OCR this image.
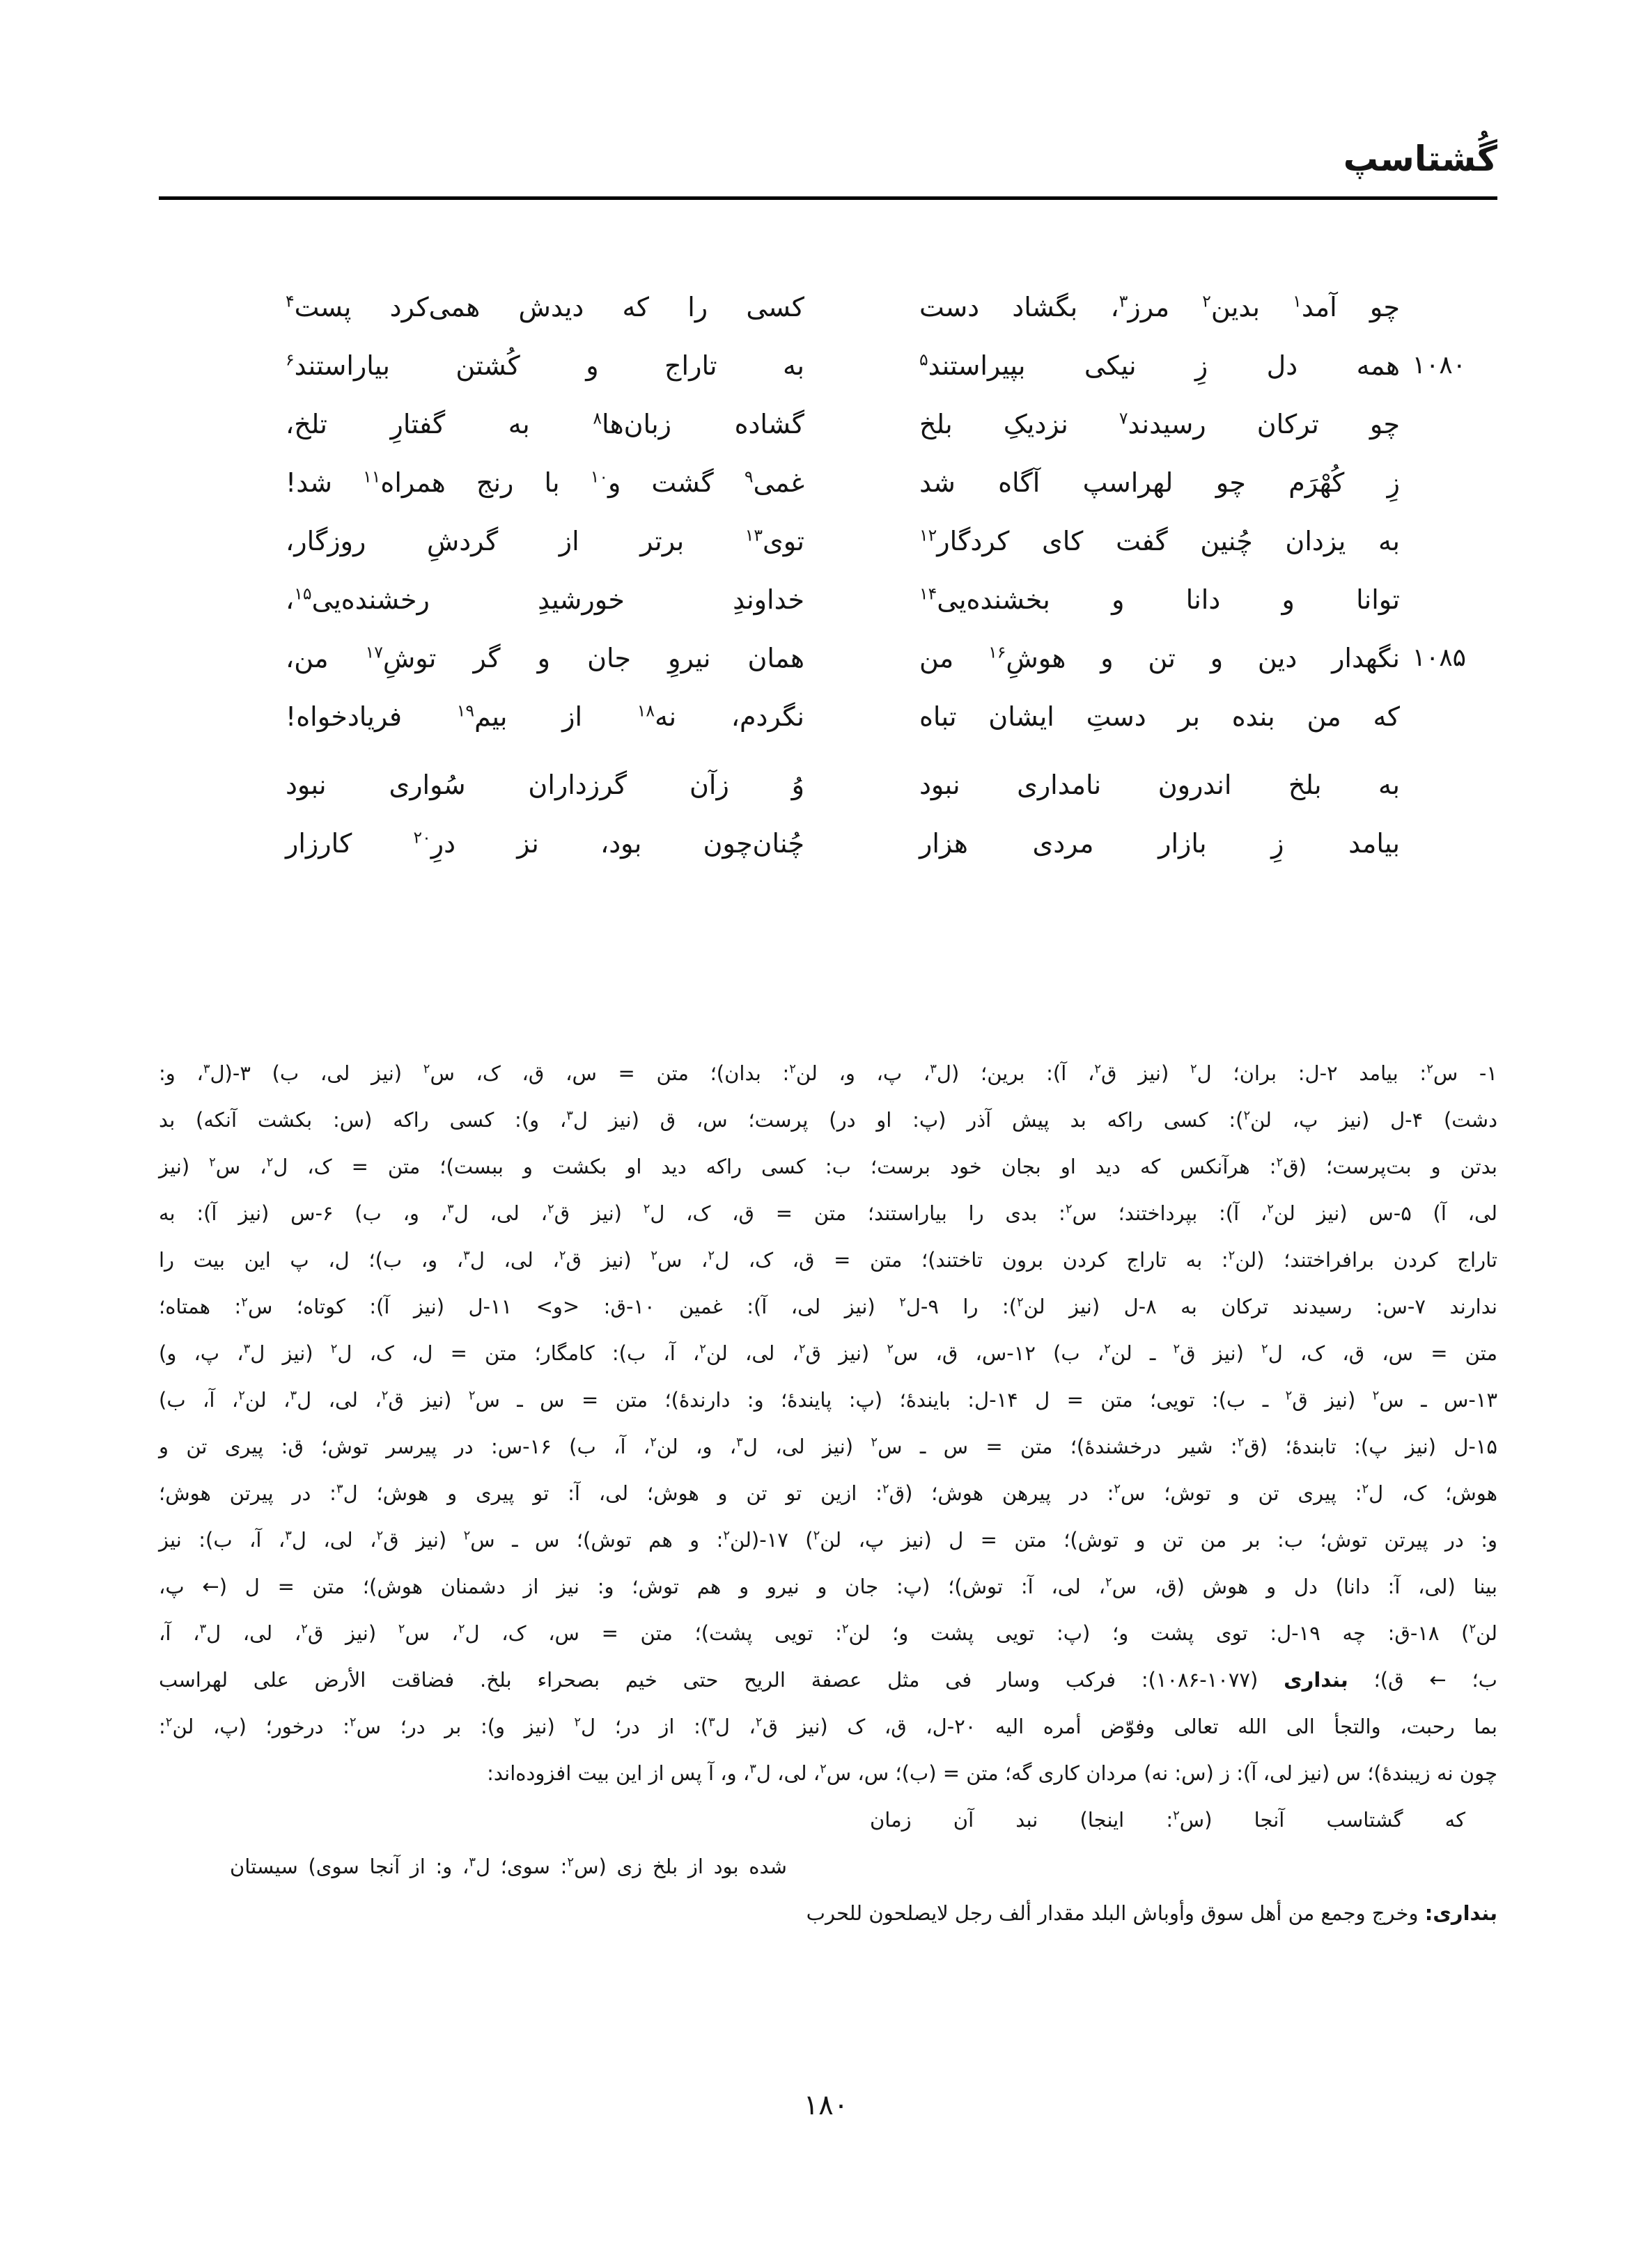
گُشتاسپ
چو آمد$^۱$ بدین$^۲$ مرز$^۳$، بگشاد دست
کسی را که دیدش همی‌کرد پست$^۴$
۱۰۸۰
همه دل زِ نیکی بپیراستند$^۵$
به تاراج و کُشتن بیاراستند$^۶$
چو ترکان رسیدند$^۷$ نزدیکِ بلخ
گشاده زبان‌ها$^۸$ به گفتارِ تلخ،
زِ کُهْرَم چو لهراسپ آگاه شد
غمی$^۹$ گشت و$^{۱۰}$ با رنج همراه$^{۱۱}$ شد!
به یزدان چُنین گفت کای کردگار$^{۱۲}$
توی$^{۱۳}$ برتر از گردشِ روزگار،
توانا و دانا و بخشنده‌یی$^{۱۴}$
خداوندِ خورشیدِ رخشنده‌یی$^{۱۵}$،
۱۰۸۵
نگهدار دین و تن و هوشِ$^{۱۶}$ من
همان نیروِ جان و گر توشِ$^{۱۷}$ من،
که من بنده بر دستِ ایشان تباه
نگردم، نه$^{۱۸}$ از بیم$^{۱۹}$ فریادخواه!
به بلخ اندرون نامداری نبود
وُ زآن گرزداران سُواری نبود
بیامد زِ بازار مردی هزار
چُنان‌چون بود، نز درِ$^{۲۰}$ کارزار
۱- س$^۲$: بیامد ۲-ل: بران؛ ل$^۲$ (نیز ق$^۲$، آ): برین؛ (ل$^۳$، پ، و، لن$^۲$: بدان)؛ متن = س، ق، ک، س$^۲$ (نیز لی، ب) ۳-(ل$^۳$، و:
دشت) ۴-ل (نیز پ، لن$^۲$): کسی راکه بد پیش آذر (پ: او در) پرست؛ س، ق (نیز ل$^۳$، و): کسی راکه (س: بکشت آنکه) بد
بدتن و بت‌پرست؛ (ق$^۲$: هرآنکس که دید او بجان خود برست؛ ب: کسی راکه دید او بکشت و ببست)؛ متن = ک، ل$^۲$، س$^۲$ (نیز
لی، آ) ۵-س (نیز لن$^۲$، آ): بپرداختند؛ س$^۲$: بدی را بیاراستند؛ متن = ق، ک، ل$^۲$ (نیز ق$^۲$، لی، ل$^۳$، و، ب) ۶-س (نیز آ): به
تاراج کردن برافراختند؛ (لن$^۲$: به تاراج کردن برون تاختند)؛ متن = ق، ک، ل$^۲$، س$^۲$ (نیز ق$^۲$، لی، ل$^۳$، و، ب)؛ ل، پ این بیت را
ندارند ۷-س: رسیدند ترکان به ۸-ل (نیز لن$^۲$): را ۹-ل$^۲$ (نیز لی، آ): غمین ۱۰-ق: <و> ۱۱-ل (نیز آ): کوتاه؛ س$^۲$: همتاه؛
متن = س، ق، ک، ل$^۲$ (نیز ق$^۲$ ـ لن$^۲$، ب) ۱۲-س، ق، س$^۲$ (نیز ق$^۲$، لی، لن$^۲$، آ، ب): کامگار؛ متن = ل، ک، ل$^۲$ (نیز ل$^۳$، پ، و)
۱۳-س ـ س$^۲$ (نیز ق$^۲$ ـ ب): تویی؛ متن = ل ۱۴-ل: بایندهٔ؛ (پ: پایندهٔ؛ و: دارندهٔ)؛ متن = س ـ س$^۲$ (نیز ق$^۲$، لی، ل$^۳$، لن$^۲$، آ، ب)
۱۵-ل (نیز پ): تابندهٔ؛ (ق$^۲$: شیر درخشندهٔ)؛ متن = س ـ س$^۲$ (نیز لی، ل$^۳$، و، لن$^۲$، آ، ب) ۱۶-س: در پیرسر توش؛ ق: پیری تن و
هوش؛ ک، ل$^۲$: پیری تن و توش؛ س$^۲$: در پیرهن هوش؛ (ق$^۲$: ازین تو تن و هوش؛ لی، آ: تو پیری و هوش؛ ل$^۳$: در پیرتن هوش؛
و: در پیرتن توش؛ ب: بر من تن و توش)؛ متن = ل (نیز پ، لن$^۲$) ۱۷-(لن$^۲$: و هم توش)؛ س ـ س$^۲$ (نیز ق$^۲$، لی، ل$^۳$، آ، ب): نیز
بینا (لی، آ: دانا) دل و هوش (ق، س$^۲$، لی، آ: توش)؛ (پ: جان و نیرو و هم توش؛ و: نیز از دشمنان هوش)؛ متن = ل (← پ،
لن$^۲$) ۱۸-ق: چه ۱۹-ل: توی پشت و؛ (پ: تویی پشت و؛ لن$^۲$: تویی پشت)؛ متن = س، ک، ل$^۲$، س$^۲$ (نیز ق$^۲$، لی، ل$^۳$، آ،
ب؛ ← ق)؛ بنداری (۱۰۷۷‏-‏۱۰۸۶): فرکب وسار فی مثل عصفة الریح حتی خیم بصحراء بلخ. فضاقت الأرض علی لهراسب
بما رحبت، والتجأ الی الله تعالی وفوّض أمره الیه ۲۰-ل، ق، ک (نیز ق$^۲$، ل$^۳$): از در؛ ل$^۲$ (نیز و): بر در؛ س$^۲$: درخور؛ (پ، لن$^۲$:
چون نه زیبندهٔ)؛ س (نیز لی، آ): ز (س: نه) مردان کاری گه؛ متن = (ب)؛ س، س$^۲$، لی، ل$^۳$، و، آ پس از این بیت افزوده‌اند:
که گشتاسب آنجا (س$^۲$: اینجا) نبد آن زمان
شده بود از بلخ زی (س$^۲$: سوی؛ ل$^۳$، و: از آنجا سوی) سیستان
بنداری: وخرج وجمع من أهل سوق وأوباش البلد مقدار ألف رجل لایصلحون للحرب
۱۸۰
